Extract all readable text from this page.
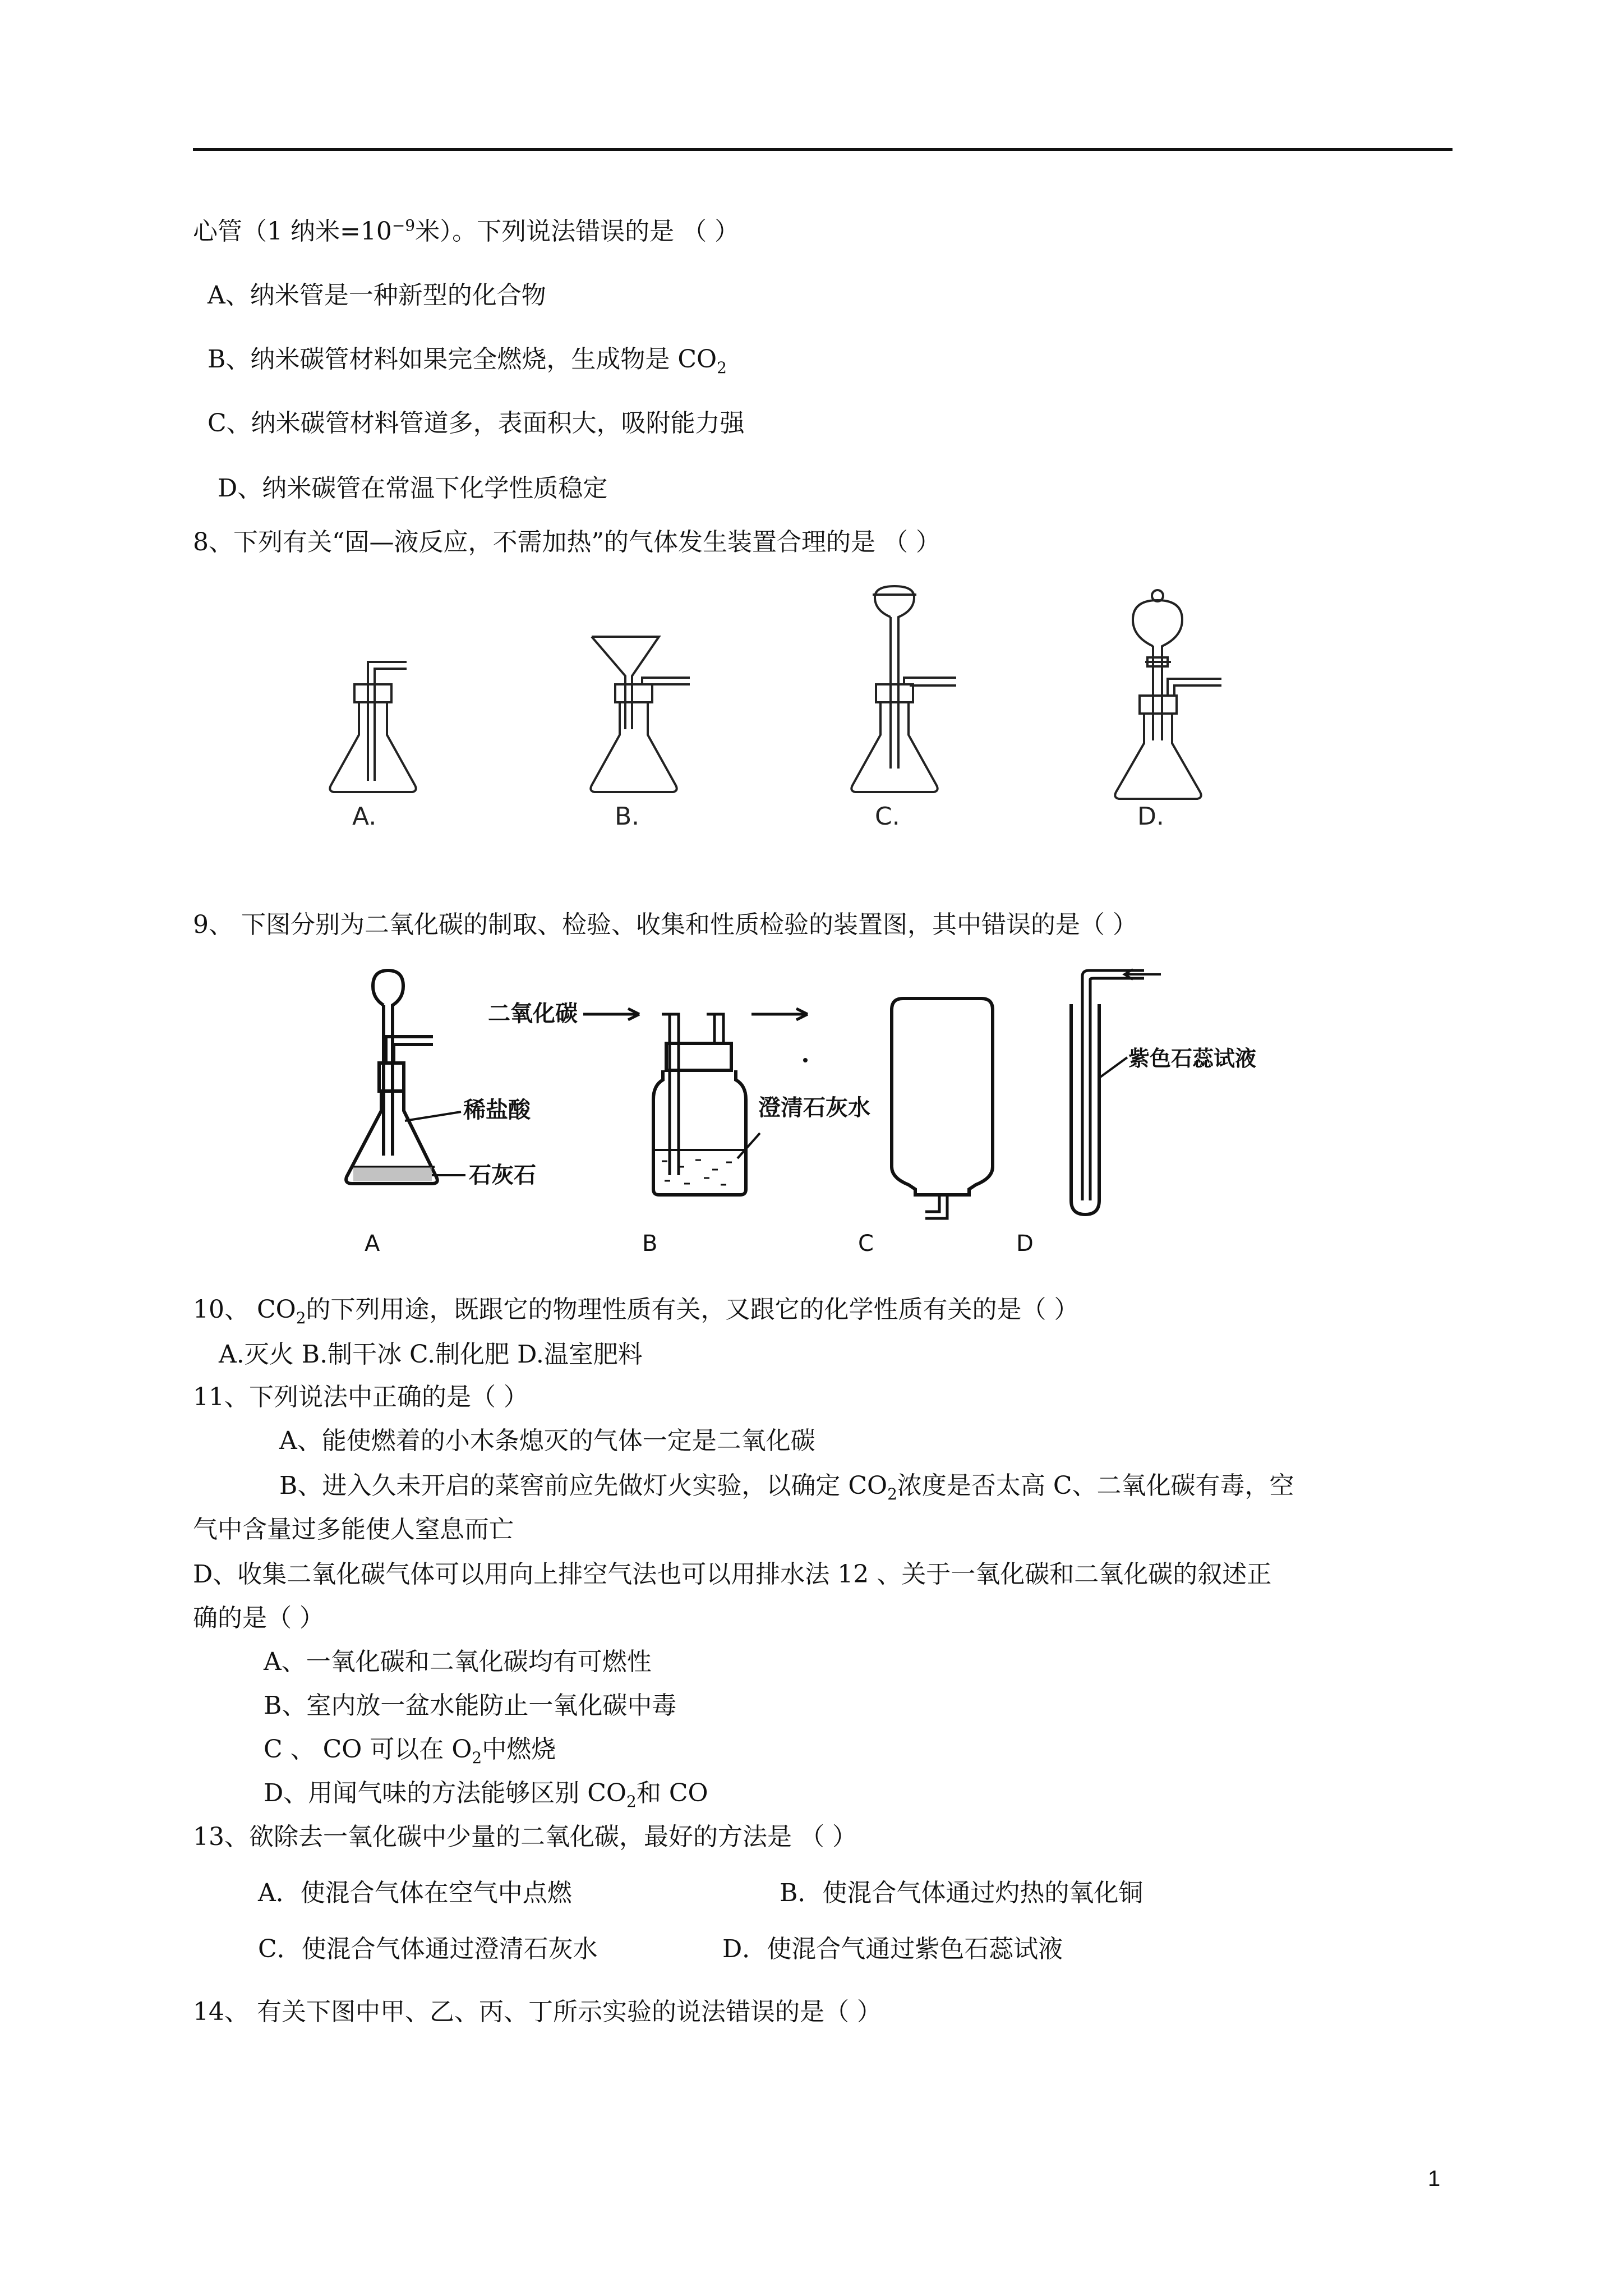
心管（1 纳米$=10^{-9}$米）。下列说法错误的是 （ ）
A、纳米管是一种新型的化合物
B、纳米碳管材料如果完全燃烧，生成物是 $CO_2$
C、纳米碳管材料管道多，表面积大，吸附能力强
D、纳米碳管在常温下化学性质稳定
8、下列有关“固—液反应，不需加热”的气体发生装置合理的是 （ ）
A.	B.	C.	D.
9、 下图分别为二氧化碳的制取、检验、收集和性质检验的装置图，其中错误的是（ ）
稀盐酸
石灰石
二氧化碳
澄清石灰水
紫色石蕊试液
A	B	C	D
10、 $CO_2$的下列用途，既跟它的物理性质有关，又跟它的化学性质有关的是（ ）
A.灭火 B.制干冰 C.制化肥 D.温室肥料
11、下列说法中正确的是（ ）
A、能使燃着的小木条熄灭的气体一定是二氧化碳
B、进入久未开启的菜窖前应先做灯火实验，以确定 $CO_2$浓度是否太高 C、二氧化碳有毒，空
气中含量过多能使人窒息而亡
D、收集二氧化碳气体可以用向上排空气法也可以用排水法 12 、关于一氧化碳和二氧化碳的叙述正
确的是（ ）
A、一氧化碳和二氧化碳均有可燃性
B、室内放一盆水能防止一氧化碳中毒
C 、 CO 可以在 $O_2$中燃烧
D、用闻气味的方法能够区别 $CO_2$和 CO
13、欲除去一氧化碳中少量的二氧化碳，最好的方法是 （ ）
A．使混合气体在空气中点燃	B．使混合气体通过灼热的氧化铜
C．使混合气体通过澄清石灰水	D．使混合气通过紫色石蕊试液
14、 有关下图中甲、乙、丙、丁所示实验的说法错误的是（ ）
1
